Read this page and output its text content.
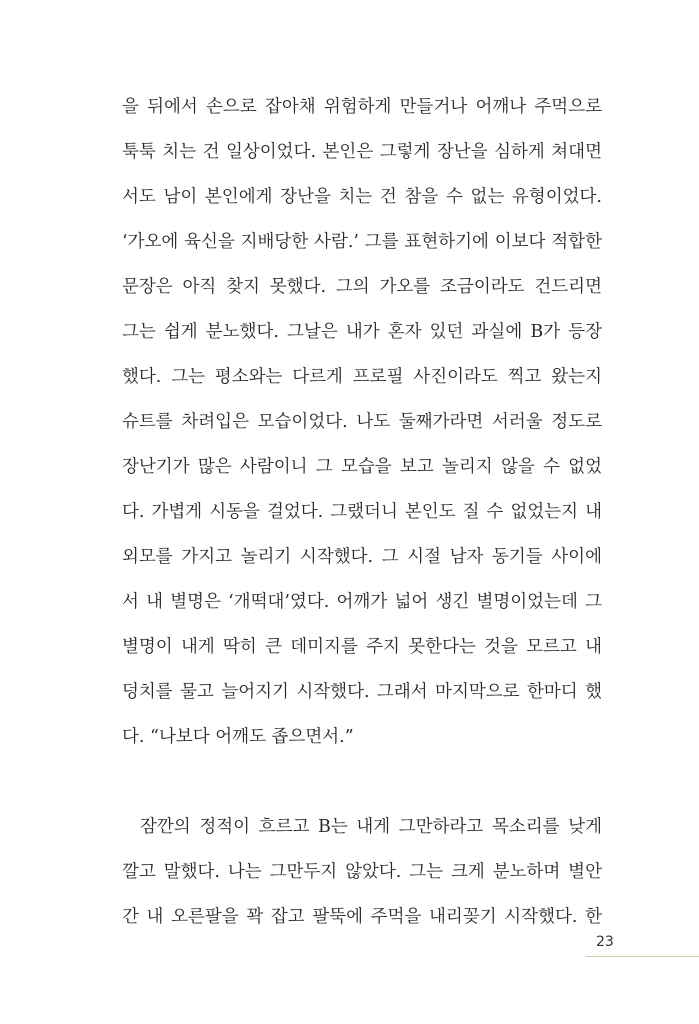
을 뒤에서 손으로 잡아채 위험하게 만들거나 어깨나 주먹으로
툭툭 치는 건 일상이었다. 본인은 그렇게 장난을 심하게 쳐대면
서도 남이 본인에게 장난을 치는 건 참을 수 없는 유형이었다.
‘가오에 육신을 지배당한 사람.’ 그를 표현하기에 이보다 적합한
문장은 아직 찾지 못했다. 그의 가오를 조금이라도 건드리면
그는 쉽게 분노했다. 그날은 내가 혼자 있던 과실에 B가 등장
했다. 그는 평소와는 다르게 프로필 사진이라도 찍고 왔는지
슈트를 차려입은 모습이었다. 나도 둘째가라면 서러울 정도로
장난기가 많은 사람이니 그 모습을 보고 놀리지 않을 수 없었
다. 가볍게 시동을 걸었다. 그랬더니 본인도 질 수 없었는지 내
외모를 가지고 놀리기 시작했다. 그 시절 남자 동기들 사이에
서 내 별명은 ‘개떡대’였다. 어깨가 넓어 생긴 별명이었는데 그
별명이 내게 딱히 큰 데미지를 주지 못한다는 것을 모르고 내
덩치를 물고 늘어지기 시작했다. 그래서 마지막으로 한마디 했
다. “나보다 어깨도 좁으면서.”
잠깐의 정적이 흐르고 B는 내게 그만하라고 목소리를 낮게
깔고 말했다. 나는 그만두지 않았다. 그는 크게 분노하며 별안
간 내 오른팔을 꽉 잡고 팔뚝에 주먹을 내리꽂기 시작했다. 한
23
